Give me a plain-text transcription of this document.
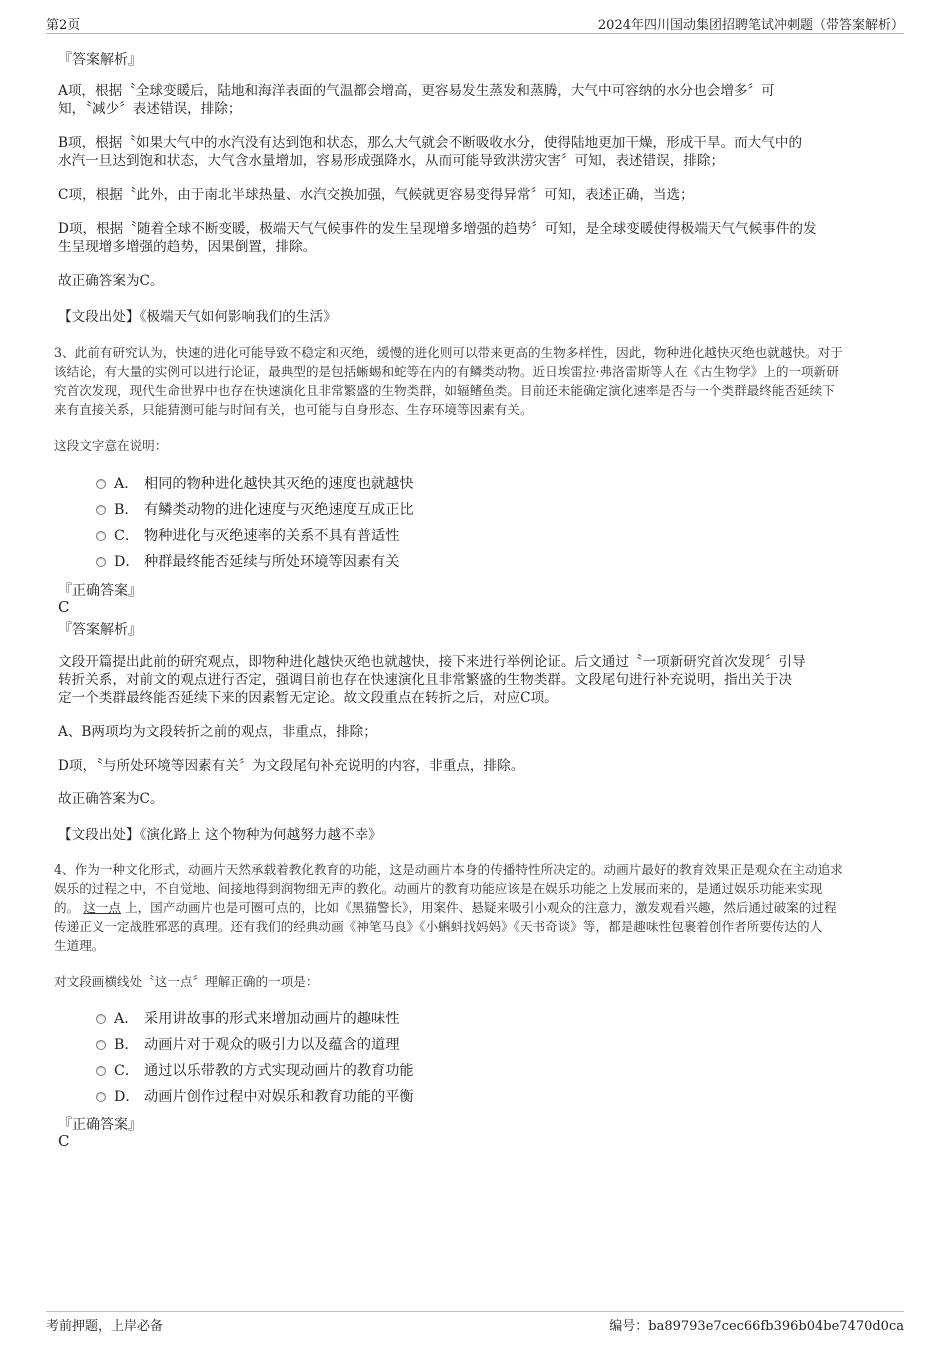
第2页	2024年四川国动集团招聘笔试冲刺题（带答案解析）
『答案解析』
A项，根据〝全球变暖后，陆地和海洋表面的气温都会增高，更容易发生蒸发和蒸腾，大气中可容纳的水分也会增多〞可
知，〝减少〞表述错误，排除；
B项，根据〝如果大气中的水汽没有达到饱和状态，那么大气就会不断吸收水分，使得陆地更加干燥，形成干旱。而大气中的
水汽一旦达到饱和状态，大气含水量增加，容易形成强降水，从而可能导致洪涝灾害〞可知，表述错误，排除；
C项，根据〝此外，由于南北半球热量、水汽交换加强，气候就更容易变得异常〞可知，表述正确，当选；
D项，根据〝随着全球不断变暖，极端天气气候事件的发生呈现增多增强的趋势〞可知，是全球变暖使得极端天气气候事件的发
生呈现增多增强的趋势，因果倒置，排除。
故正确答案为C。
【文段出处】《极端天气如何影响我们的生活》
3、此前有研究认为，快速的进化可能导致不稳定和灭绝，缓慢的进化则可以带来更高的生物多样性，因此，物种进化越快灭绝也就越快。对于
该结论，有大量的实例可以进行论证，最典型的是包括蜥蜴和蛇等在内的有鳞类动物。近日埃雷拉·弗洛雷斯等人在《古生物学》上的一项新研
究首次发现，现代生命世界中也存在快速演化且非常繁盛的生物类群，如辐鳍鱼类。目前还未能确定演化速率是否与一个类群最终能否延续下
来有直接关系，只能猜测可能与时间有关，也可能与自身形态、生存环境等因素有关。
这段文字意在说明：
A． 相同的物种进化越快其灭绝的速度也就越快
B． 有鳞类动物的进化速度与灭绝速度互成正比
C． 物种进化与灭绝速率的关系不具有普适性
D． 种群最终能否延续与所处环境等因素有关
『正确答案』
C
『答案解析』
文段开篇提出此前的研究观点，即物种进化越快灭绝也就越快，接下来进行举例论证。后文通过〝一项新研究首次发现〞引导
转折关系，对前文的观点进行否定，强调目前也存在快速演化且非常繁盛的生物类群。文段尾句进行补充说明，指出关于决
定一个类群最终能否延续下来的因素暂无定论。故文段重点在转折之后，对应C项。
A、B两项均为文段转折之前的观点，非重点，排除；
D项，〝与所处环境等因素有关〞为文段尾句补充说明的内容，非重点，排除。
故正确答案为C。
【文段出处】《演化路上 这个物种为何越努力越不幸》
4、作为一种文化形式，动画片天然承载着教化教育的功能，这是动画片本身的传播特性所决定的。动画片最好的教育效果正是观众在主动追求
娱乐的过程之中，不自觉地、间接地得到润物细无声的教化。动画片的教育功能应该是在娱乐功能之上发展而来的，是通过娱乐功能来实现
的。 这一点 上，国产动画片也是可圈可点的，比如《黑猫警长》，用案件、悬疑来吸引小观众的注意力，激发观看兴趣，然后通过破案的过程
传递正义一定战胜邪恶的真理。还有我们的经典动画《神笔马良》《小蝌蚪找妈妈》《天书奇谈》等，都是趣味性包裹着创作者所要传达的人
生道理。
对文段画横线处〝这一点〞理解正确的一项是：
A． 采用讲故事的形式来增加动画片的趣味性
B． 动画片对于观众的吸引力以及蕴含的道理
C． 通过以乐带教的方式实现动画片的教育功能
D． 动画片创作过程中对娱乐和教育功能的平衡
『正确答案』
C
考前押题，上岸必备	编号：ba89793e7cec66fb396b04be7470d0ca
